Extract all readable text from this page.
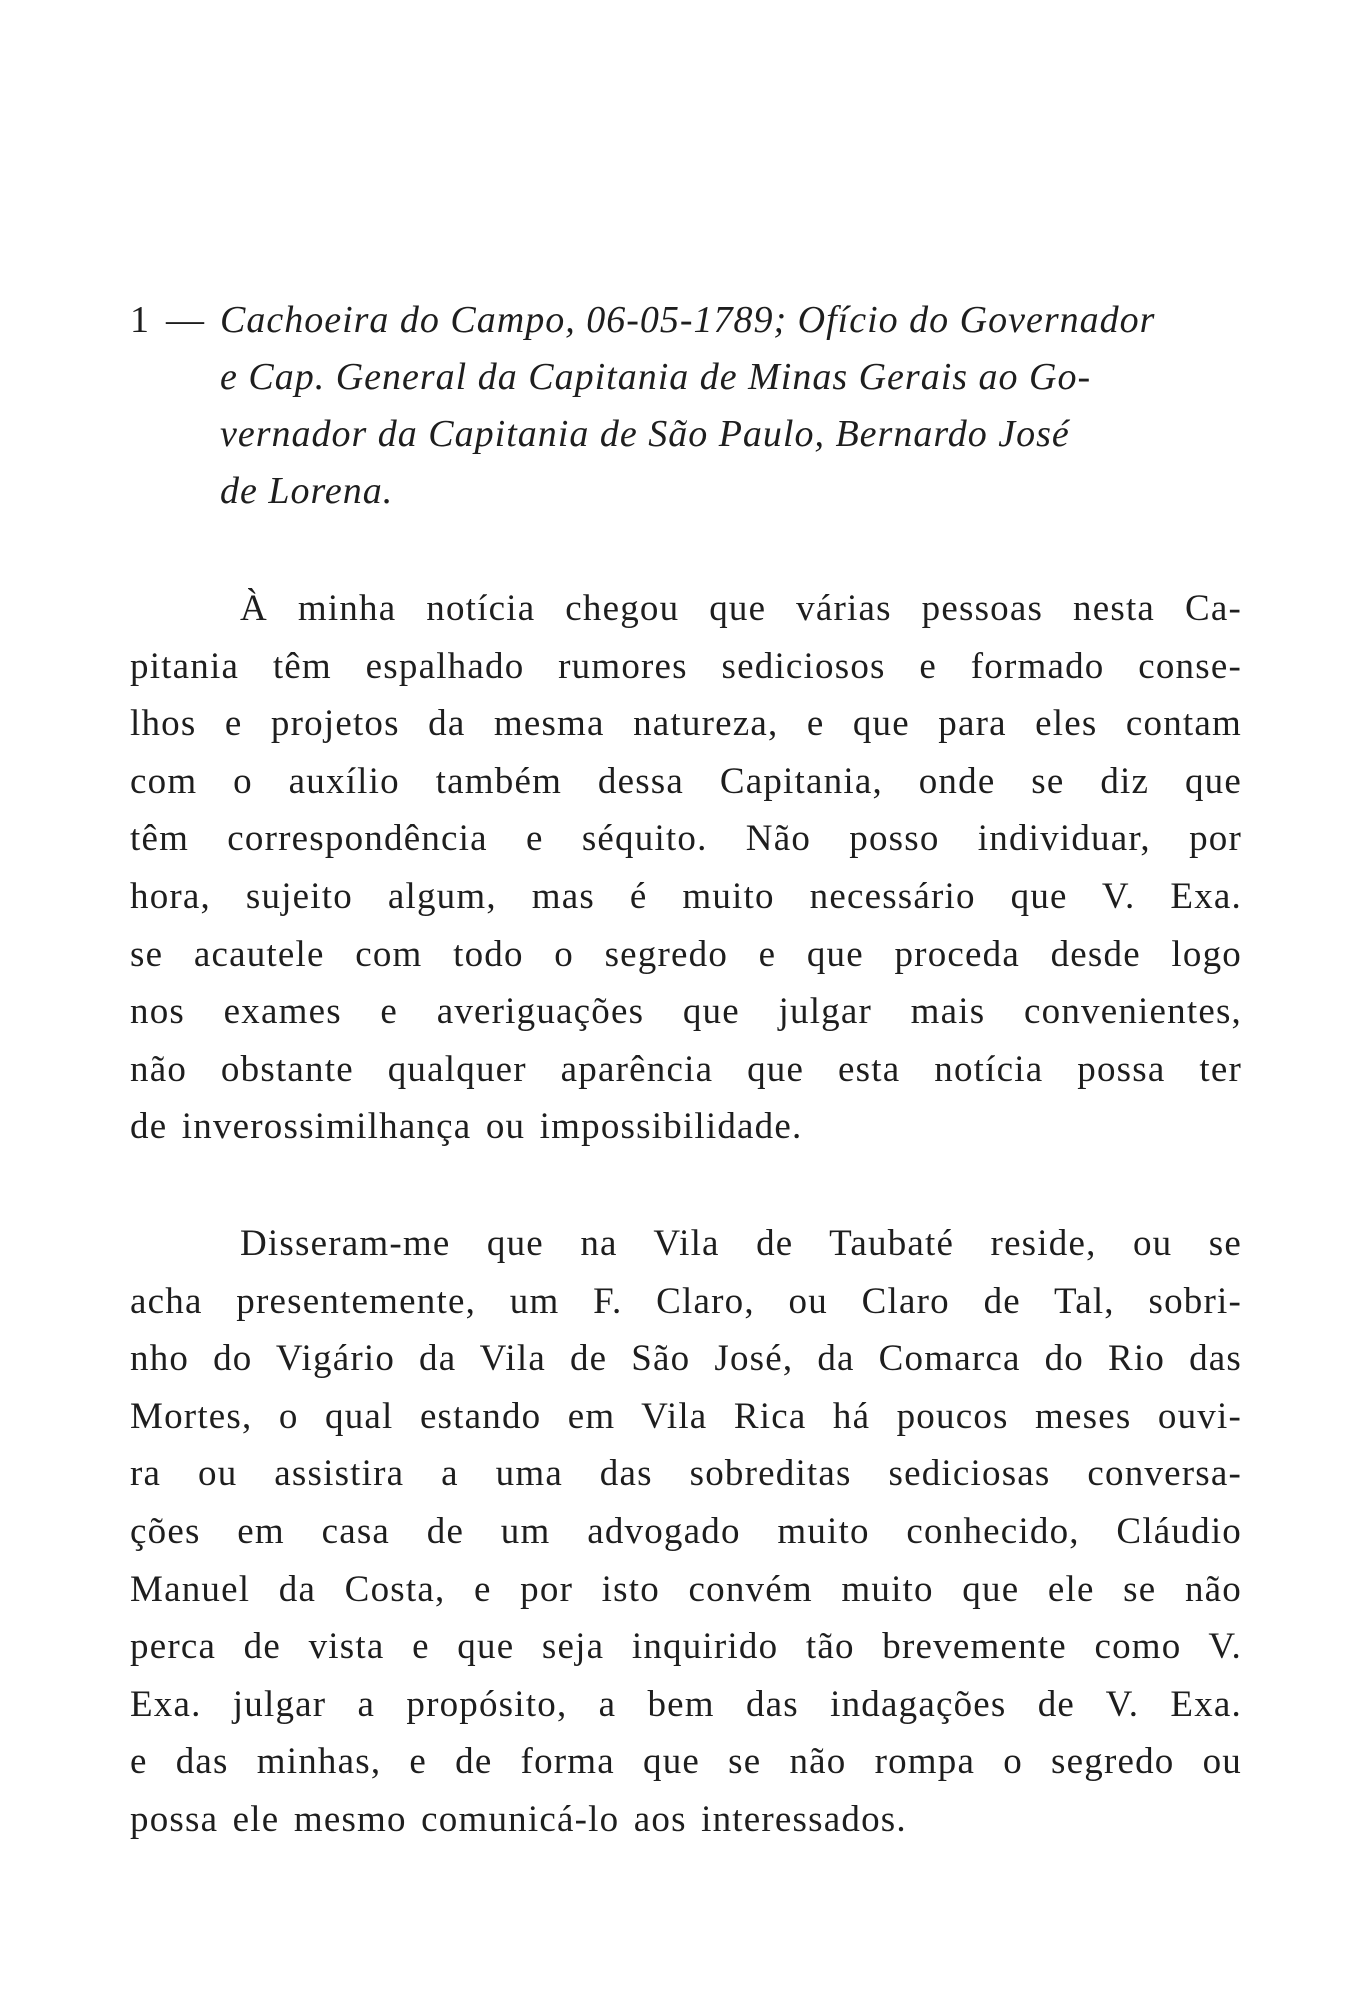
1 — Cachoeira do Campo, 06-05-1789; Ofício do Governador
e Cap. General da Capitania de Minas Gerais ao Go-
vernador da Capitania de São Paulo, Bernardo José
de Lorena.
À minha notícia chegou que várias pessoas nesta Ca-
pitania têm espalhado rumores sediciosos e formado conse-
lhos e projetos da mesma natureza, e que para eles contam
com o auxílio também dessa Capitania, onde se diz que
têm correspondência e séquito. Não posso individuar, por
hora, sujeito algum, mas é muito necessário que V. Exa.
se acautele com todo o segredo e que proceda desde logo
nos exames e averiguações que julgar mais convenientes,
não obstante qualquer aparência que esta notícia possa ter
de inverossimilhança ou impossibilidade.
Disseram-me que na Vila de Taubaté reside, ou se
acha presentemente, um F. Claro, ou Claro de Tal, sobri-
nho do Vigário da Vila de São José, da Comarca do Rio das
Mortes, o qual estando em Vila Rica há poucos meses ouvi-
ra ou assistira a uma das sobreditas sediciosas conversa-
ções em casa de um advogado muito conhecido, Cláudio
Manuel da Costa, e por isto convém muito que ele se não
perca de vista e que seja inquirido tão brevemente como V.
Exa. julgar a propósito, a bem das indagações de V. Exa.
e das minhas, e de forma que se não rompa o segredo ou
possa ele mesmo comunicá-lo aos interessados.
